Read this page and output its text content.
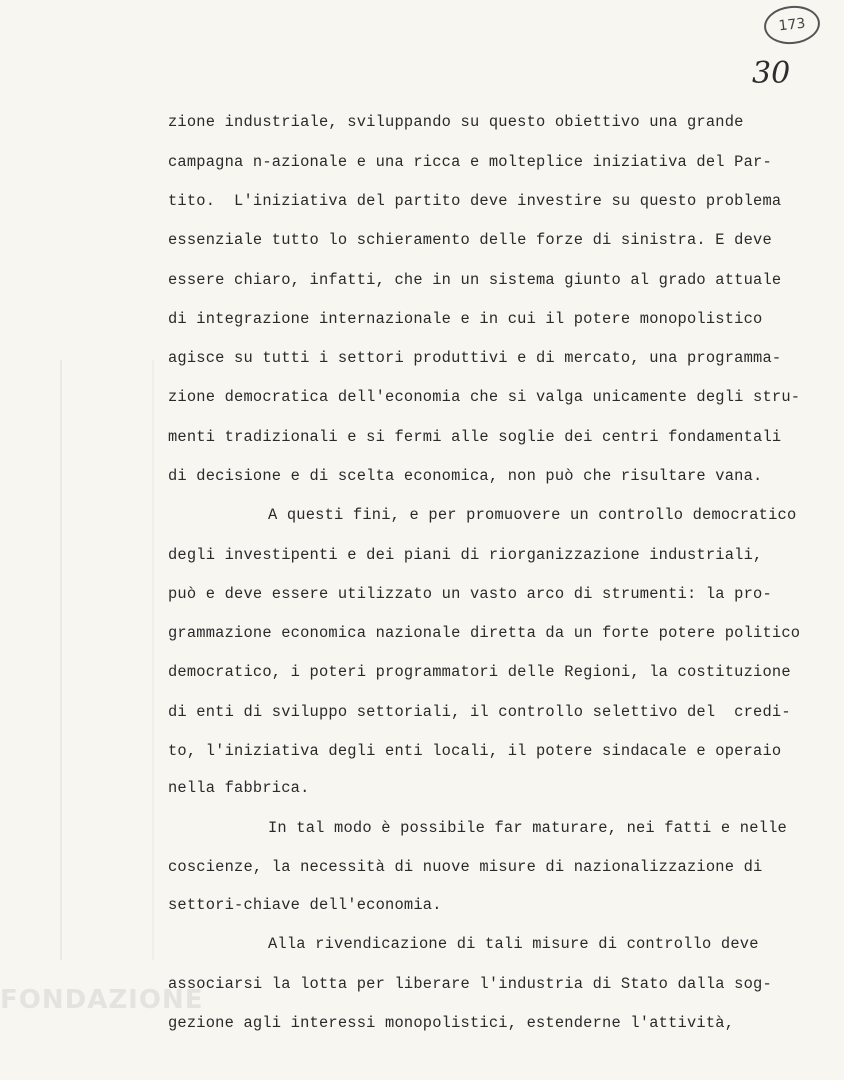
173
30
zione industriale, sviluppando su questo obiettivo una grande
campagna n-azionale e una ricca e molteplice iniziativa del Par-
tito.  L'iniziativa del partito deve investire su questo problema
essenziale tutto lo schieramento delle forze di sinistra. E deve
essere chiaro, infatti, che in un sistema giunto al grado attuale
di integrazione internazionale e in cui il potere monopolistico
agisce su tutti i settori produttivi e di mercato, una programma-
zione democratica dell'economia che si valga unicamente degli stru-
menti tradizionali e si fermi alle soglie dei centri fondamentali
di decisione e di scelta economica, non può che risultare vana.
A questi fini, e per promuovere un controllo democratico
degli investipenti e dei piani di riorganizzazione industriali,
può e deve essere utilizzato un vasto arco di strumenti: la pro-
grammazione economica nazionale diretta da un forte potere politico
democratico, i poteri programmatori delle Regioni, la costituzione
di enti di sviluppo settoriali, il controllo selettivo del  credi-
to, l'iniziativa degli enti locali, il potere sindacale e operaio
nella fabbrica.
In tal modo è possibile far maturare, nei fatti e nelle
coscienze, la necessità di nuove misure di nazionalizzazione di
settori-chiave dell'economia.
Alla rivendicazione di tali misure di controllo deve
associarsi la lotta per liberare l'industria di Stato dalla sog-
gezione agli interessi monopolistici, estenderne l'attività,
FONDAZIONE
